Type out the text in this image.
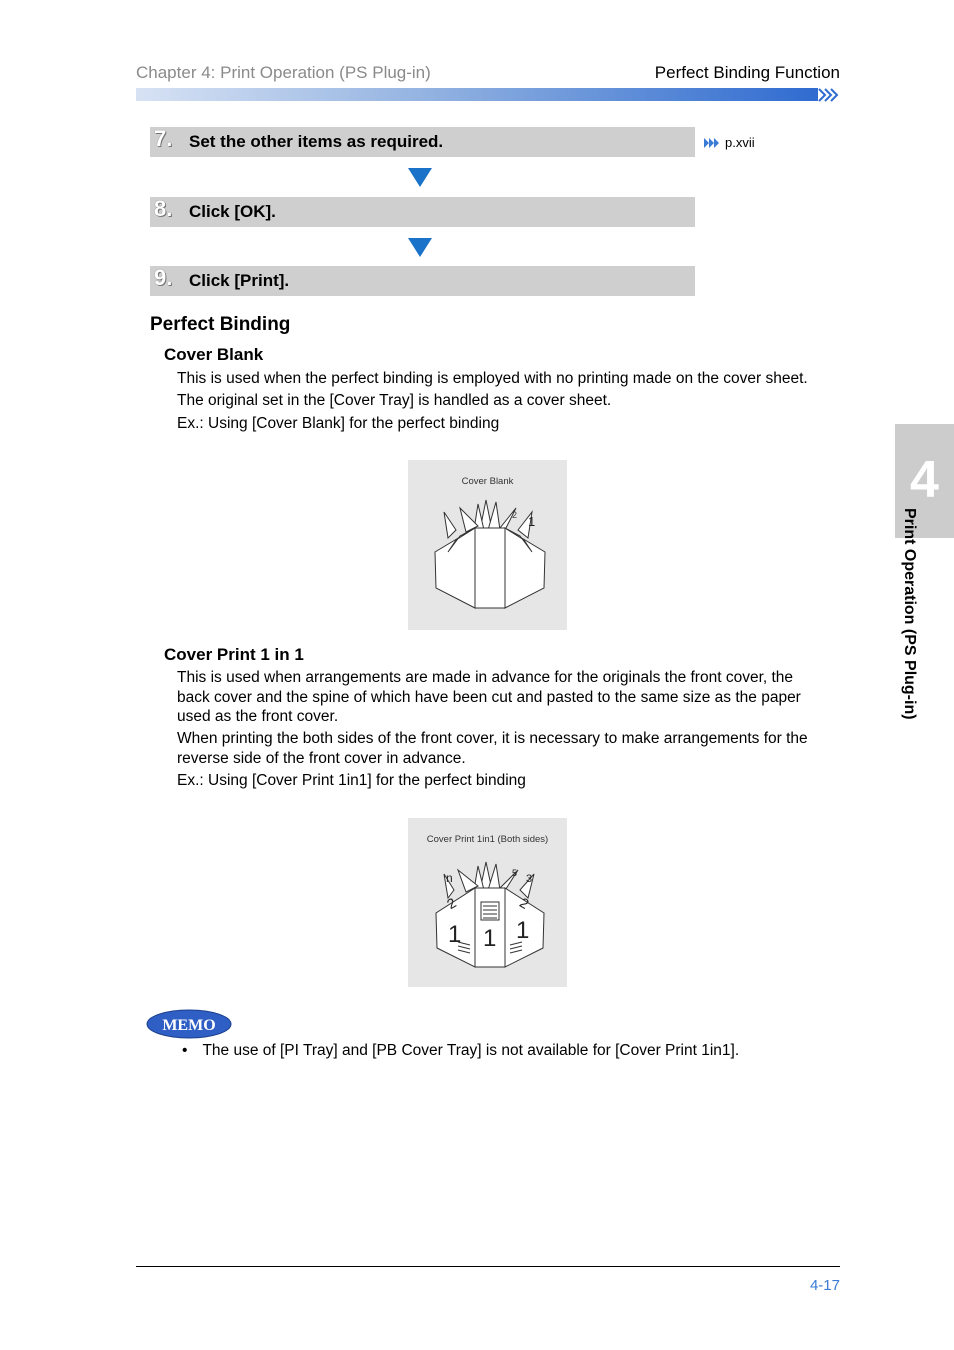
Chapter 4: Print Operation (PS Plug-in)	Perfect Binding Function
7. Set the other items as required.	p.xvii
8. Click [OK].
9. Click [Print].
Perfect Binding
Cover Blank
This is used when the perfect binding is employed with no printing made on the cover sheet.
The original set in the [Cover Tray] is handled as a cover sheet.
Ex.: Using [Cover Blank] for the perfect binding
Cover Blank
1
2
Cover Print 1 in 1
This is used when arrangements are made in advance for the originals the front cover, the
back cover and the spine of which have been cut and pasted to the same size as the paper
used as the front cover.
When printing the both sides of the front cover, it is necessary to make arrangements for the
reverse side of the front cover in advance.
Ex.: Using [Cover Print 1in1] for the perfect binding
Cover Print 1in1 (Both sides)
1 1 1
2	2
n	3
5
MEMO
• The use of [PI Tray] and [PB Cover Tray] is not available for [Cover Print 1in1].
4
Print Operation (PS Plug-in)
4-17
